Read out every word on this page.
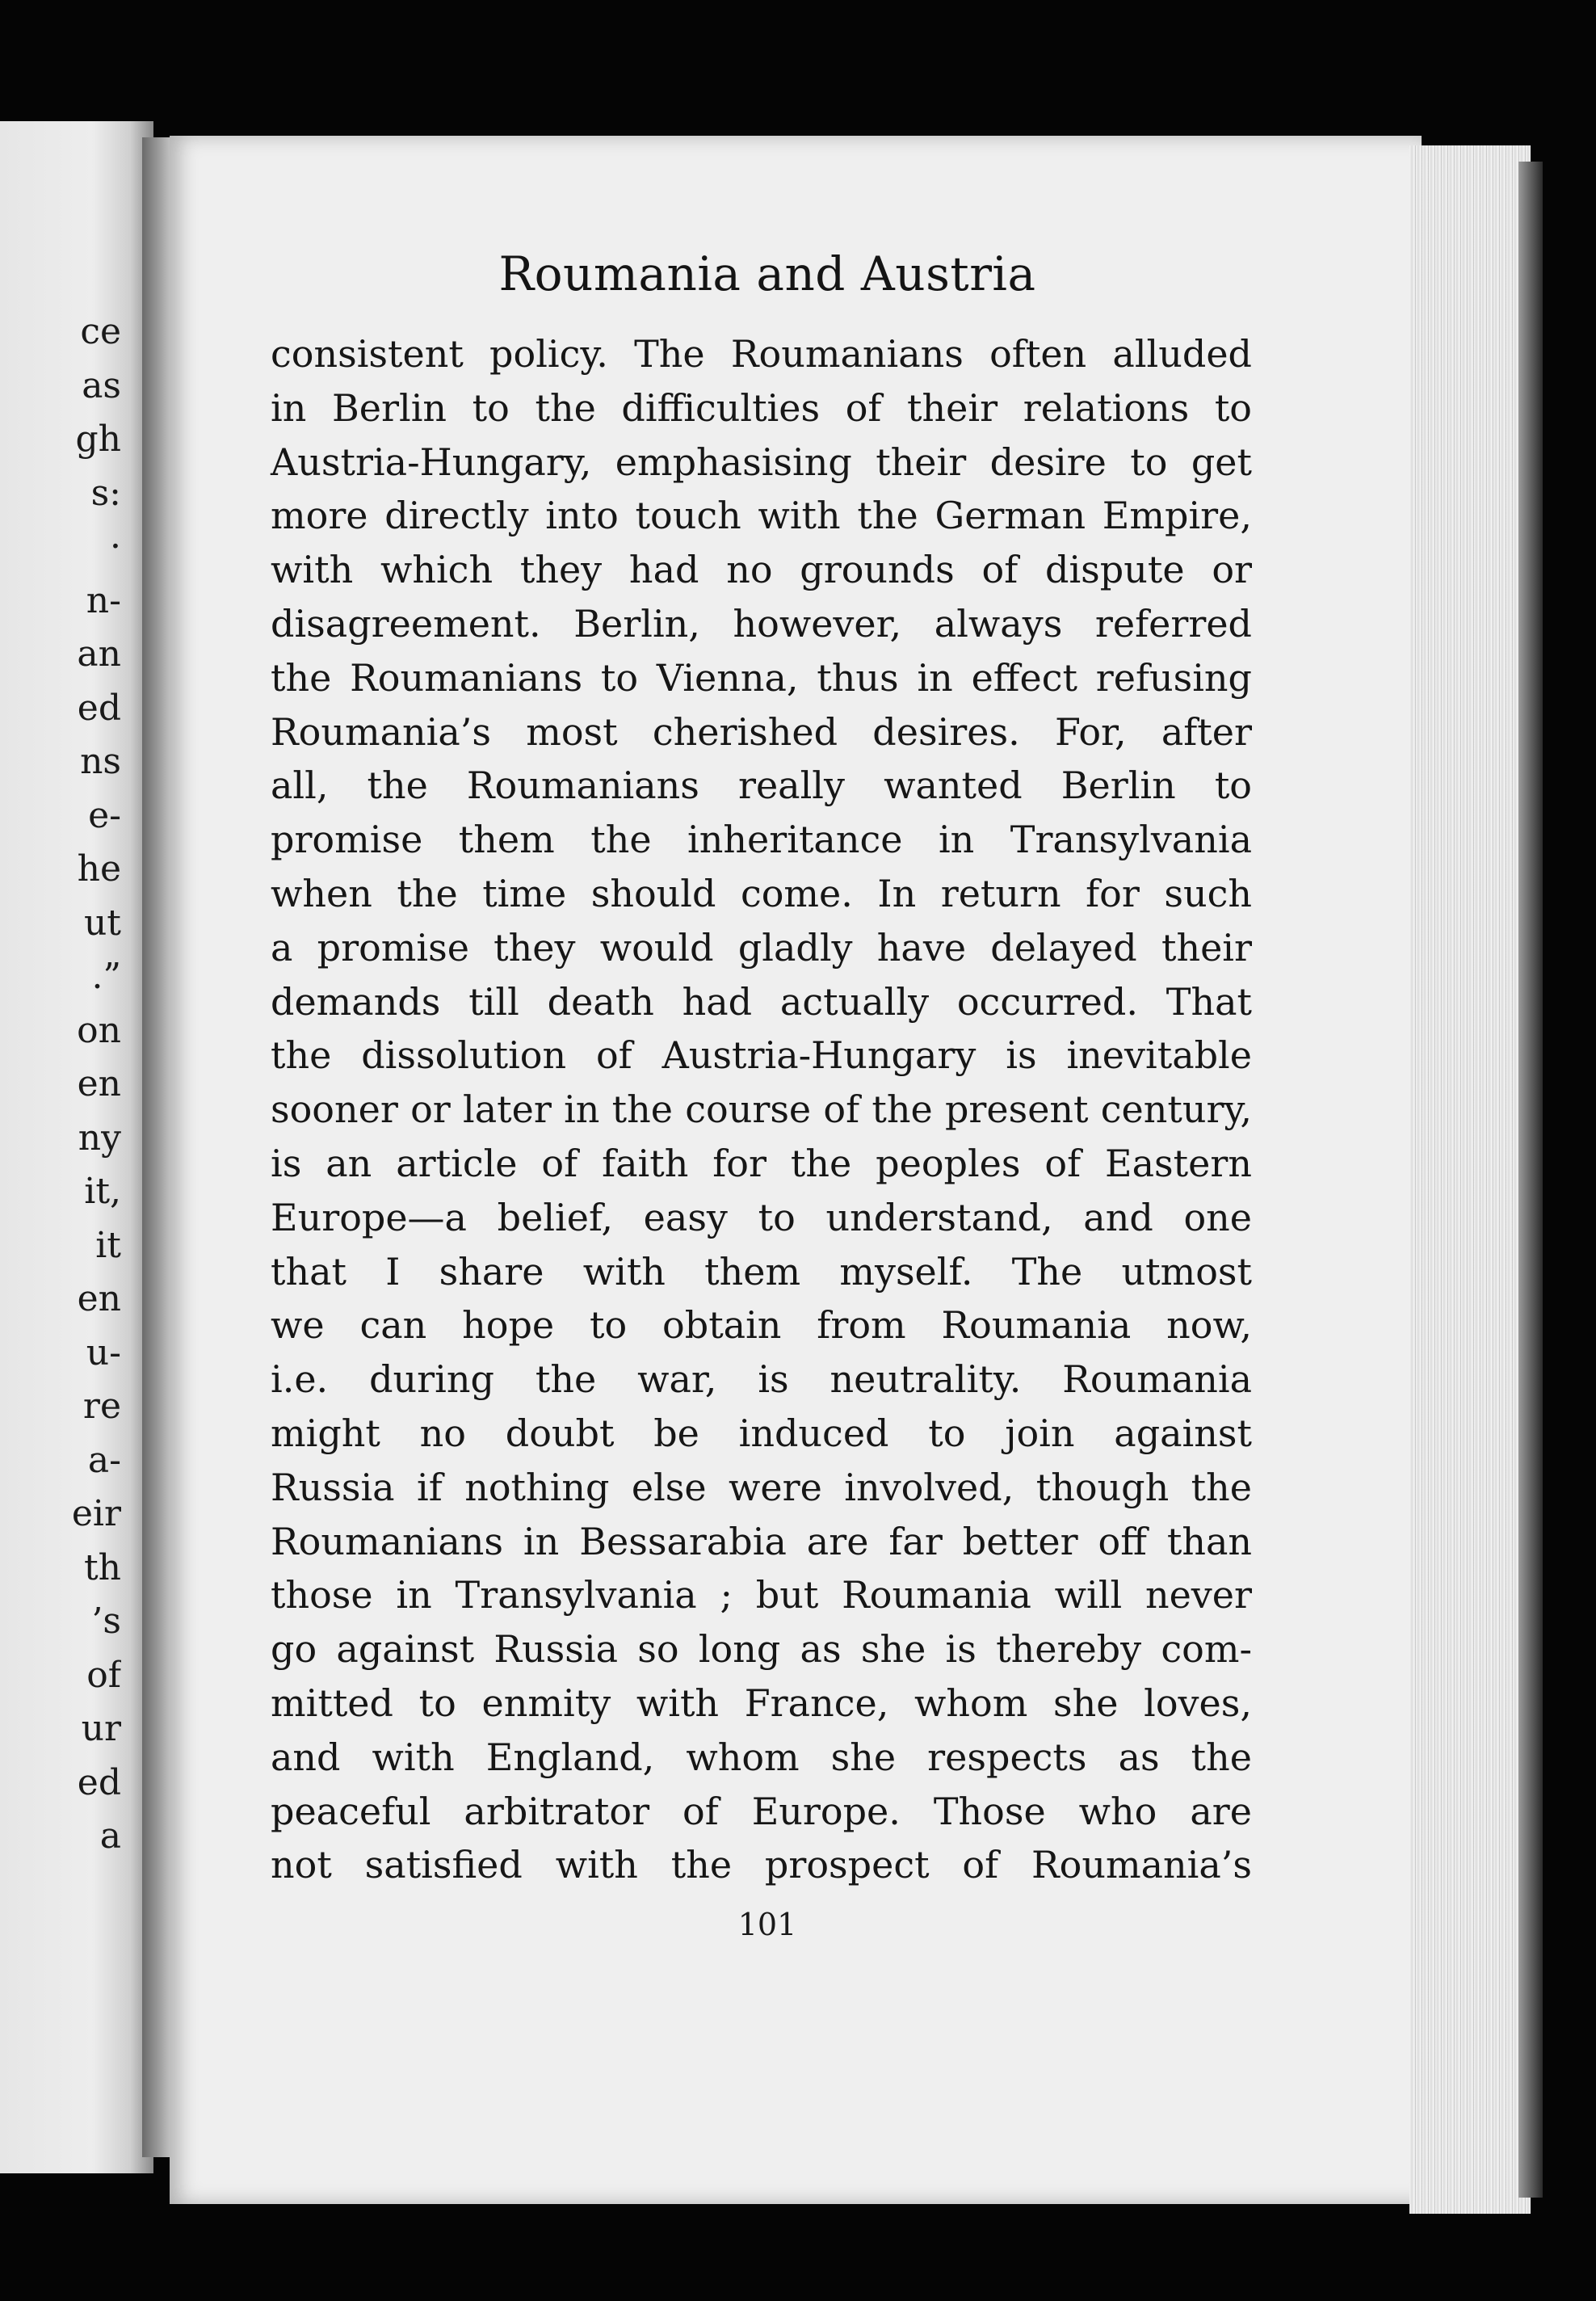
ce
as
gh
s:
·
n-
an
ed
ns
e-
he
ut
.”
on
en
ny
it,
it
en
u-
re
a-
eir
th
’s
of
ur
ed
a
Roumania and Austria
consistent policy. The Roumanians often alluded
in Berlin to the difficulties of their relations to
Austria-Hungary, emphasising their desire to get
more directly into touch with the German Empire,
with which they had no grounds of dispute or
disagreement. Berlin, however, always referred
the Roumanians to Vienna, thus in effect refusing
Roumania’s most cherished desires. For, after
all, the Roumanians really wanted Berlin to
promise them the inheritance in Transylvania
when the time should come. In return for such
a promise they would gladly have delayed their
demands till death had actually occurred. That
the dissolution of Austria-Hungary is inevitable
sooner or later in the course of the present century,
is an article of faith for the peoples of Eastern
Europe—a belief, easy to understand, and one
that I share with them myself. The utmost
we can hope to obtain from Roumania now,
i.e. during the war, is neutrality. Roumania
might no doubt be induced to join against
Russia if nothing else were involved, though the
Roumanians in Bessarabia are far better off than
those in Transylvania ; but Roumania will never
go against Russia so long as she is thereby com-
mitted to enmity with France, whom she loves,
and with England, whom she respects as the
peaceful arbitrator of Europe. Those who are
not satisfied with the prospect of Roumania’s
101
